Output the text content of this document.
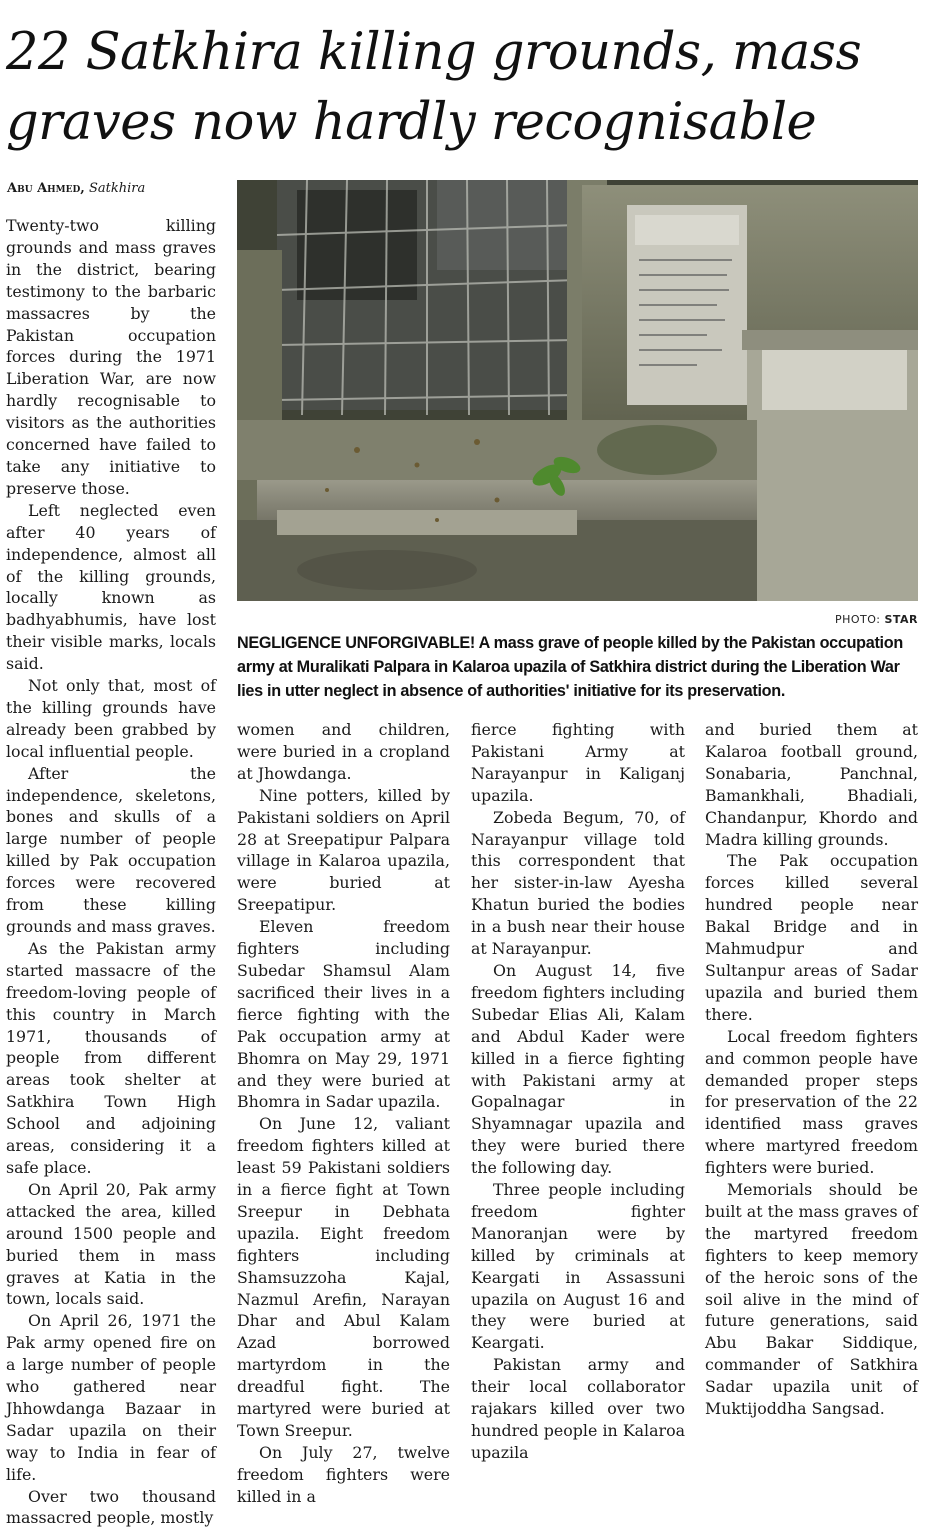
22 Satkhira killing grounds, mass graves now hardly recognisable
Abu Ahmed, Satkhira

Twenty-two killing grounds and mass graves in the district, bearing testimony to the barbaric massacres by the Pakistan occupation forces during the 1971 Liberation War, are now hardly recognisable to visitors as the authorities concerned have failed to take any initiative to preserve those.

Left neglected even after 40 years of independence, almost all of the killing grounds, locally known as badhyabhumis, have lost their visible marks, locals said.

Not only that, most of the killing grounds have already been grabbed by local influential people.

After the independence, skeletons, bones and skulls of a large number of people killed by Pak occupation forces were recovered from these killing grounds and mass graves.

As the Pakistan army started massacre of the freedom-loving people of this country in March 1971, thousands of people from different areas took shelter at Satkhira Town High School and adjoining areas, considering it a safe place.

On April 20, Pak army attacked the area, killed around 1500 people and buried them in mass graves at Katia in the town, locals said.

On April 26, 1971 the Pak army opened fire on a large number of people who gathered near Jhhowdanga Bazaar in Sadar upazila on their way to India in fear of life.

Over two thousand massacred people, mostly

PHOTO: STAR
NEGLIGENCE UNFORGIVABLE! A mass grave of people killed by the Pakistan occupation army at Muralikati Palpara in Kalaroa upazila of Satkhira district during the Liberation War lies in utter neglect in absence of authorities' initiative for its preservation.

women and children, were buried in a cropland at Jhowdanga.

Nine potters, killed by Pakistani soldiers on April 28 at Sreepatipur Palpara village in Kalaroa upazila, were buried at Sreepatipur.

Eleven freedom fighters including Subedar Shamsul Alam sacrificed their lives in a fierce fighting with the Pak occupation army at Bhomra on May 29, 1971 and they were buried at Bhomra in Sadar upazila.

On June 12, valiant freedom fighters killed at least 59 Pakistani soldiers in a fierce fight at Town Sreepur in Debhata upazila. Eight freedom fighters including Shamsuzzoha Kajal, Nazmul Arefin, Narayan Dhar and Abul Kalam Azad borrowed martyrdom in the dreadful fight. The martyred were buried at Town Sreepur.

On July 27, twelve freedom fighters were killed in a

fierce fighting with Pakistani Army at Narayanpur in Kaliganj upazila.

Zobeda Begum, 70, of Narayanpur village told this correspondent that her sister-in-law Ayesha Khatun buried the bodies in a bush near their house at Narayanpur.

On August 14, five freedom fighters including Subedar Elias Ali, Kalam and Abdul Kader were killed in a fierce fighting with Pakistani army at Gopalnagar in Shyamnagar upazila and they were buried there the following day.

Three people including freedom fighter Manoranjan were by killed by criminals at Keargati in Assassuni upazila on August 16 and they were buried at Keargati.

Pakistan army and their local collaborator rajakars killed over two hundred people in Kalaroa upazila

and buried them at Kalaroa football ground, Sonabaria, Panchnal, Bamankhali, Bhadiali, Chandanpur, Khordo and Madra killing grounds.

The Pak occupation forces killed several hundred people near Bakal Bridge and in Mahmudpur and Sultanpur areas of Sadar upazila and buried them there.

Local freedom fighters and common people have demanded proper steps for preservation of the 22 identified mass graves where martyred freedom fighters were buried.

Memorials should be built at the mass graves of the martyred freedom fighters to keep memory of the heroic sons of the soil alive in the mind of future generations, said Abu Bakar Siddique, commander of Satkhira Sadar upazila unit of Muktijoddha Sangsad.
